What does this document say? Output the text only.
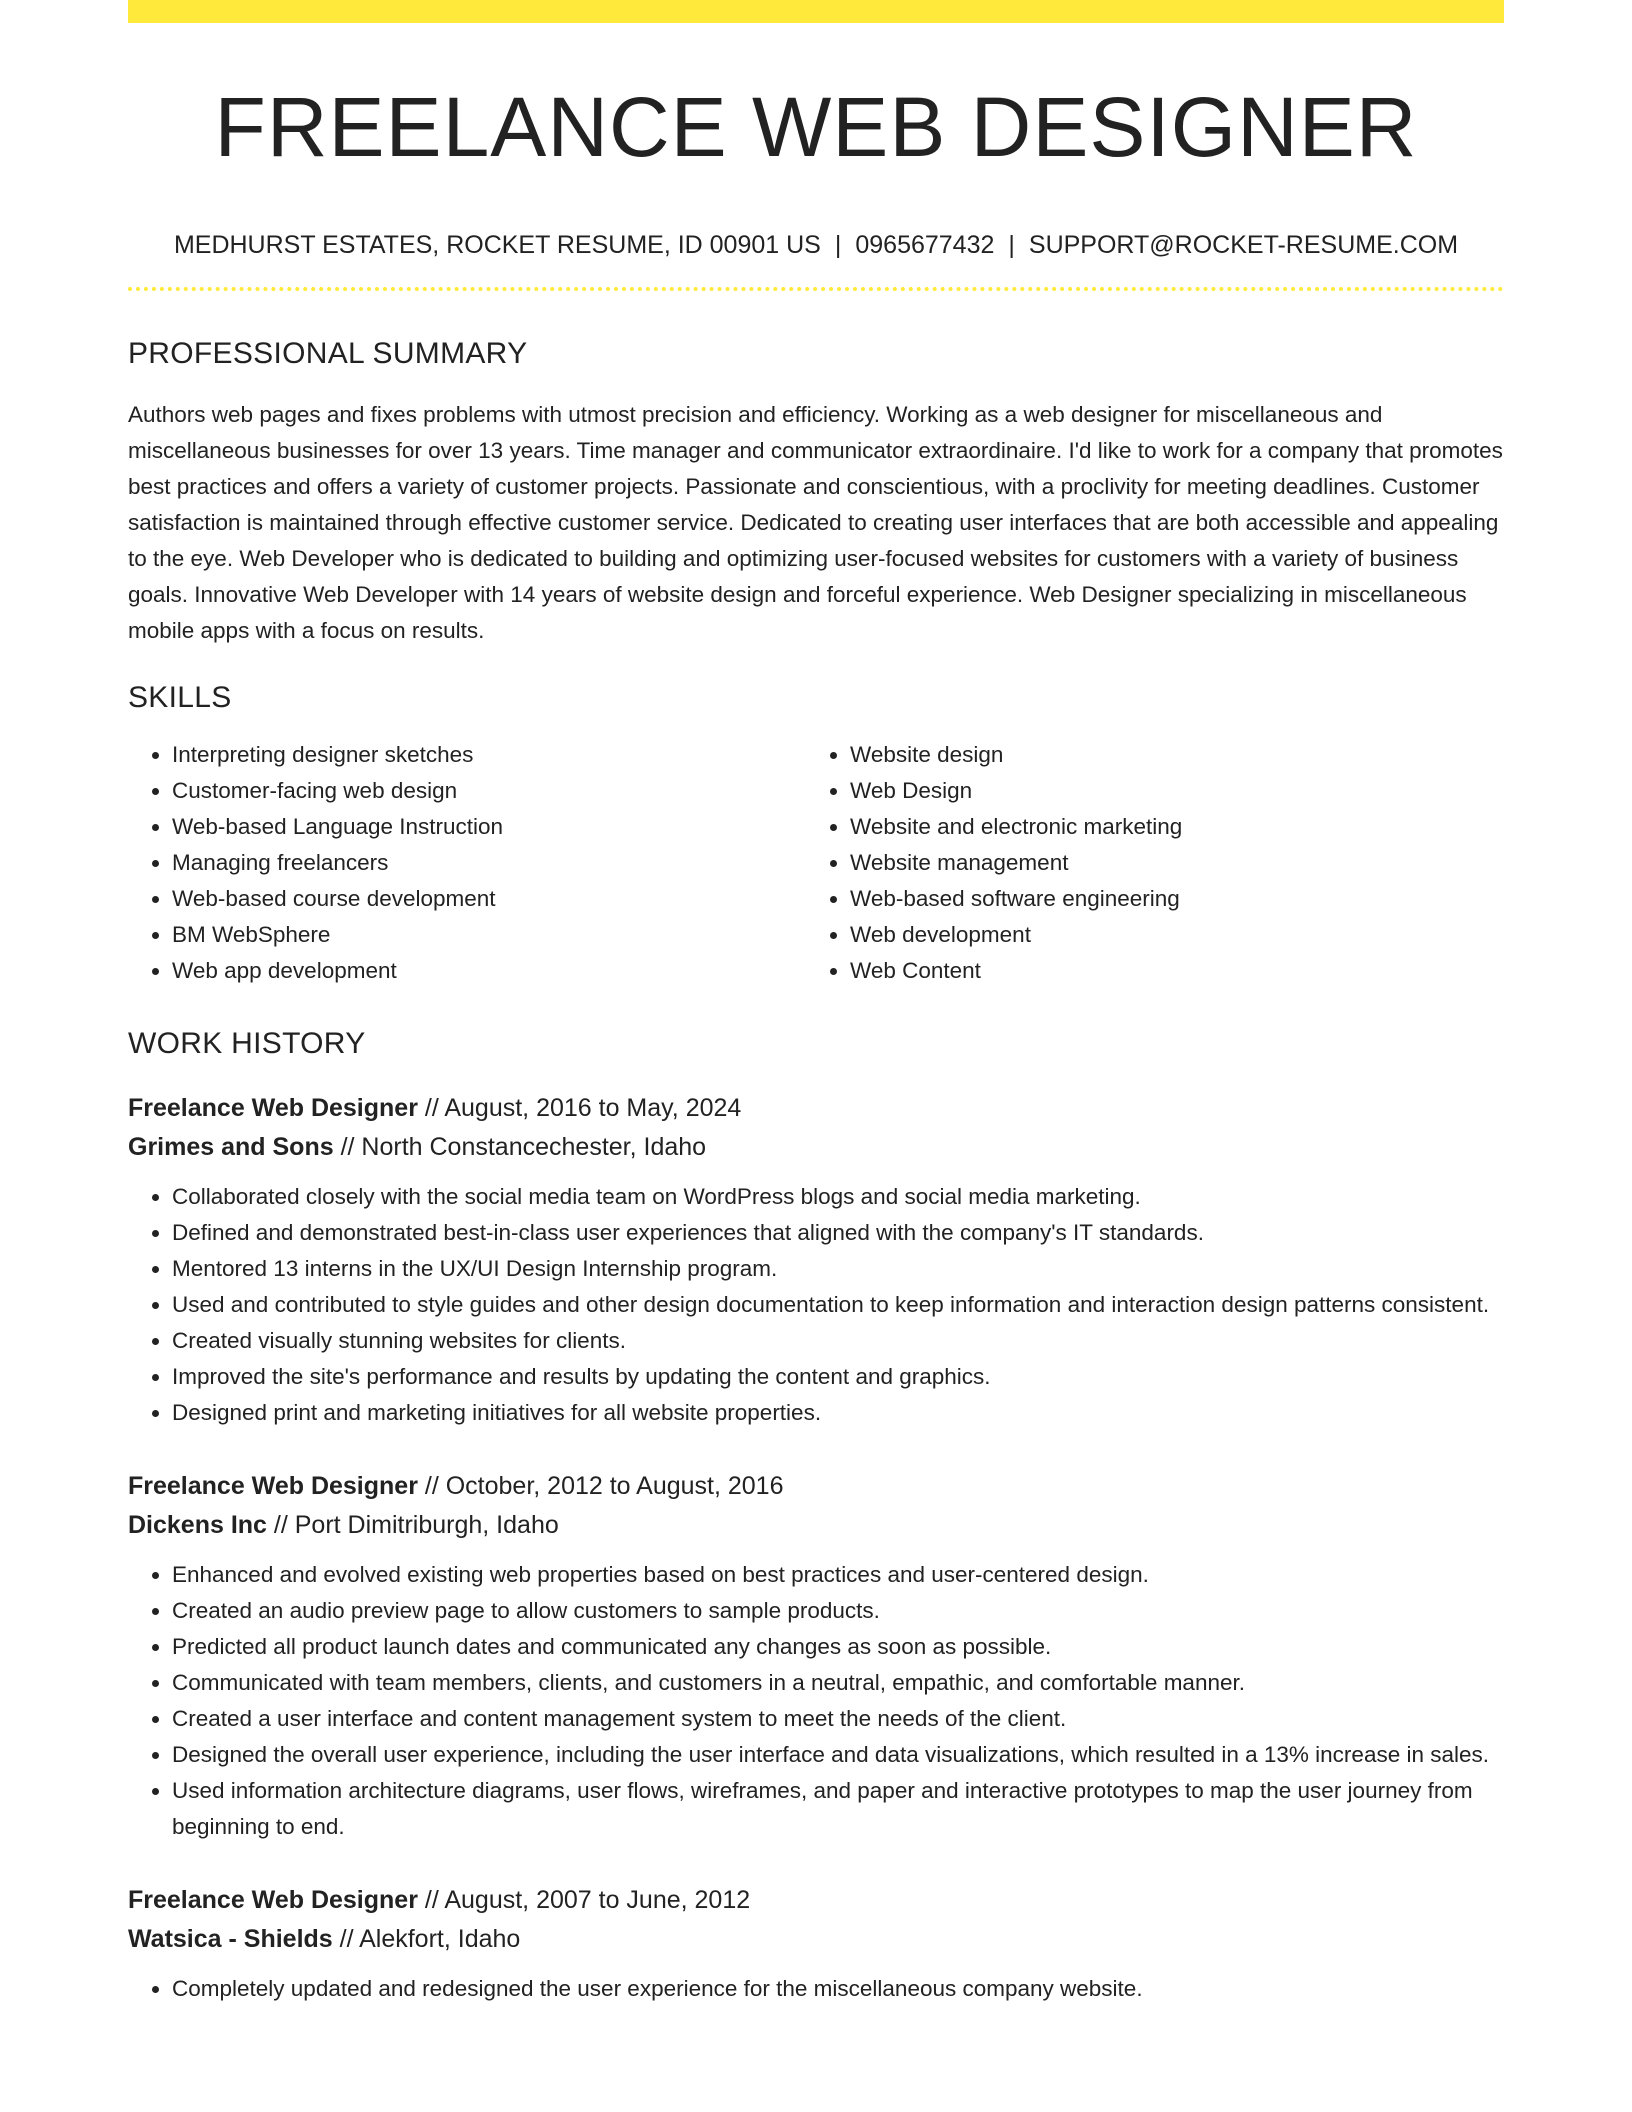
FREELANCE WEB DESIGNER
MEDHURST ESTATES, ROCKET RESUME, ID 00901 US | 0965677432 | SUPPORT@ROCKET-RESUME.COM
PROFESSIONAL SUMMARY

Authors web pages and fixes problems with utmost precision and efficiency. Working as a web designer for miscellaneous and miscellaneous businesses for over 13 years. Time manager and communicator extraordinaire. I'd like to work for a company that promotes best practices and offers a variety of customer projects. Passionate and conscientious, with a proclivity for meeting deadlines. Customer satisfaction is maintained through effective customer service. Dedicated to creating user interfaces that are both accessible and appealing to the eye. Web Developer who is dedicated to building and optimizing user-focused websites for customers with a variety of business goals. Innovative Web Developer with 14 years of website design and forceful experience. Web Designer specializing in miscellaneous mobile apps with a focus on results.

SKILLS
• Interpreting designer sketches
• Customer-facing web design
• Web-based Language Instruction
• Managing freelancers
• Web-based course development
• BM WebSphere
• Web app development
• Website design
• Web Design
• Website and electronic marketing
• Website management
• Web-based software engineering
• Web development
• Web Content
WORK HISTORY
Freelance Web Designer // August, 2016 to May, 2024
Grimes and Sons // North Constancechester, Idaho
• Collaborated closely with the social media team on WordPress blogs and social media marketing.
• Defined and demonstrated best-in-class user experiences that aligned with the company's IT standards.
• Mentored 13 interns in the UX/UI Design Internship program.
• Used and contributed to style guides and other design documentation to keep information and interaction design patterns consistent.
• Created visually stunning websites for clients.
• Improved the site's performance and results by updating the content and graphics.
• Designed print and marketing initiatives for all website properties.
Freelance Web Designer // October, 2012 to August, 2016
Dickens Inc // Port Dimitriburgh, Idaho
• Enhanced and evolved existing web properties based on best practices and user-centered design.
• Created an audio preview page to allow customers to sample products.
• Predicted all product launch dates and communicated any changes as soon as possible.
• Communicated with team members, clients, and customers in a neutral, empathic, and comfortable manner.
• Created a user interface and content management system to meet the needs of the client.
• Designed the overall user experience, including the user interface and data visualizations, which resulted in a 13% increase in sales.
• Used information architecture diagrams, user flows, wireframes, and paper and interactive prototypes to map the user journey from beginning to end.
Freelance Web Designer // August, 2007 to June, 2012
Watsica - Shields // Alekfort, Idaho
• Completely updated and redesigned the user experience for the miscellaneous company website.
